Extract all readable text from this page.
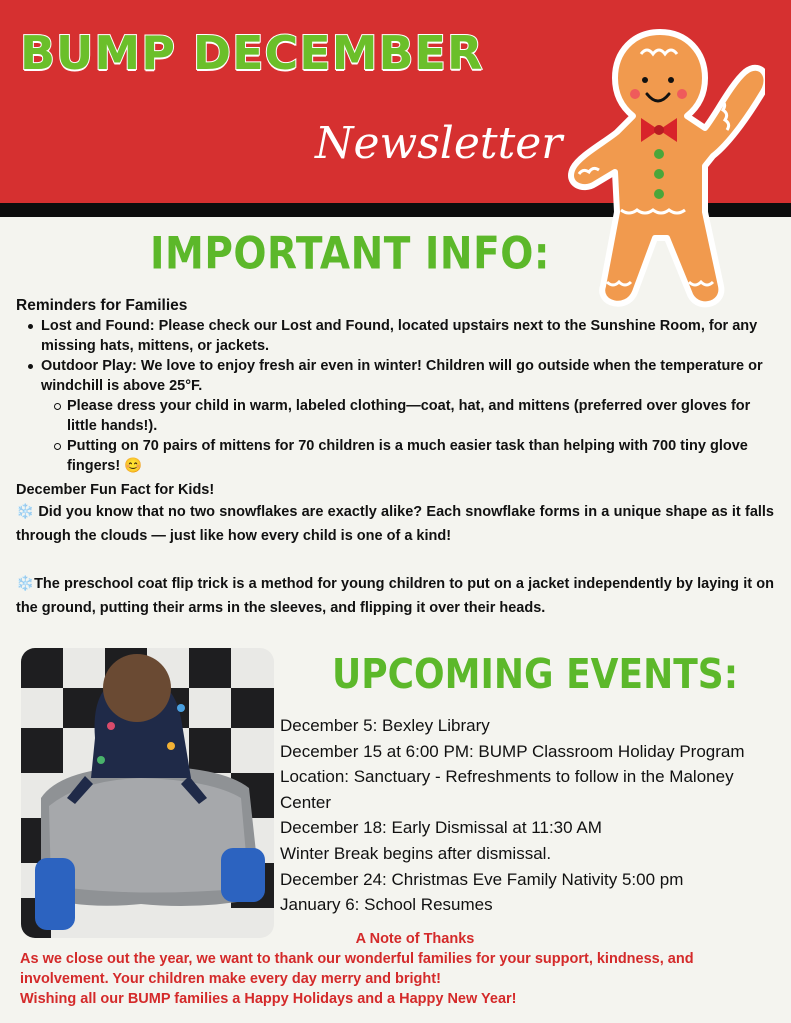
BUMP DECEMBER
Newsletter
IMPORTANT INFO:
Reminders for Families
Lost and Found: Please check our Lost and Found, located upstairs next to the Sunshine Room, for any missing hats, mittens, or jackets.
Outdoor Play: We love to enjoy fresh air even in winter! Children will go outside when the temperature or windchill is above 25°F.
Please dress your child in warm, labeled clothing—coat, hat, and mittens (preferred over gloves for little hands!).
Putting on 70 pairs of mittens for 70 children is a much easier task than helping with 700 tiny glove fingers! 😊
December Fun Fact for Kids!
❄️ Did you know that no two snowflakes are exactly alike? Each snowflake forms in a unique shape as it falls through the clouds — just like how every child is one of a kind!
❄️The preschool coat flip trick is a method for young children to put on a jacket independently by laying it on the ground, putting their arms in the sleeves, and flipping it over their heads.
UPCOMING EVENTS:
December 5: Bexley Library
December 15 at 6:00 PM: BUMP Classroom Holiday Program
Location: Sanctuary - Refreshments to follow in the Maloney Center
December 18: Early Dismissal at 11:30 AM
Winter Break begins after dismissal.
December 24: Christmas Eve Family Nativity 5:00 pm
January 6: School Resumes
A Note of Thanks
As we close out the year, we want to thank our wonderful families for your support, kindness, and involvement. Your children make every day merry and bright!
Wishing all our BUMP families a Happy Holidays and a Happy New Year!
